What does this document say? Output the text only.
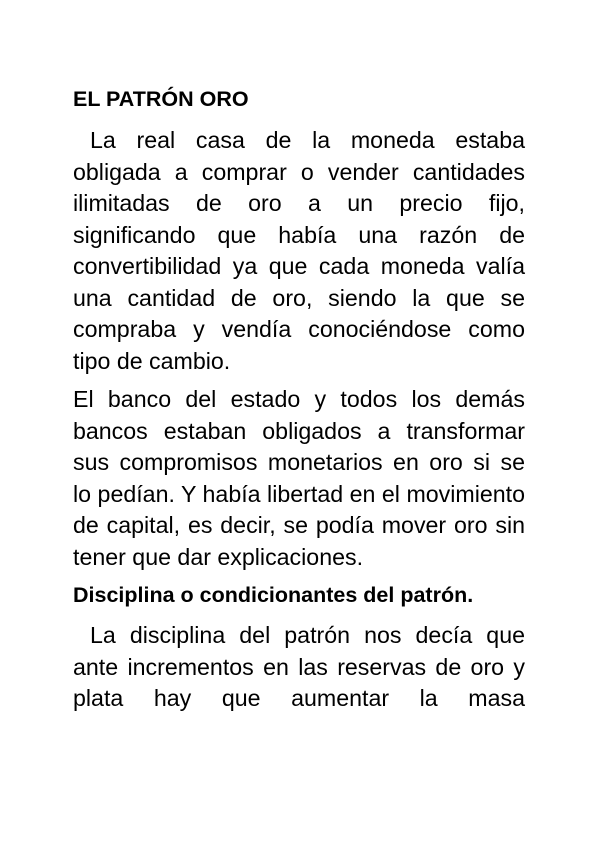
EL PATRÓN ORO

La real casa de la moneda estaba obligada a comprar o vender cantidades ilimitadas de oro a un precio fijo, significando que había una razón de convertibilidad ya que cada moneda valía una cantidad de oro, siendo la que se compraba y vendía conociéndose como tipo de cambio.

El banco del estado y todos los demás bancos estaban obligados a transformar sus compromisos monetarios en oro si se lo pedían. Y había libertad en el movimiento de capital, es decir, se podía mover oro sin tener que dar explicaciones.

Disciplina o condicionantes del patrón.

La disciplina del patrón nos decía que ante incrementos en las reservas de oro y plata hay que aumentar la masa
